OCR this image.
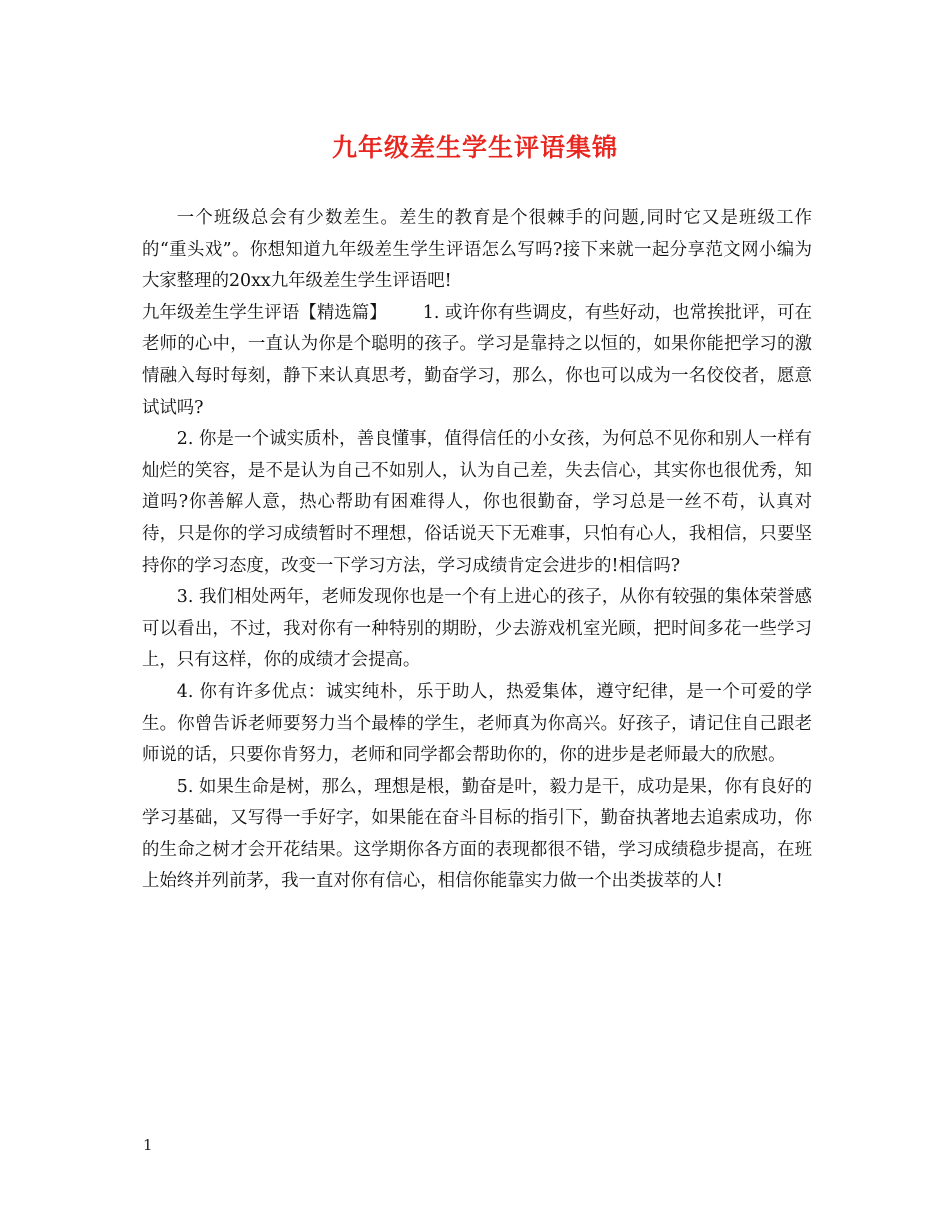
九年级差生学生评语集锦

一个班级总会有少数差生。差生的教育是个很棘手的问题,同时它又是班级工作的“重头戏”。你想知道九年级差生学生评语怎么写吗?接下来就一起分享范文网小编为大家整理的20xx九年级差生学生评语吧!

九年级差生学生评语【精选篇】 1. 或许你有些调皮，有些好动，也常挨批评，可在老师的心中，一直认为你是个聪明的孩子。学习是靠持之以恒的，如果你能把学习的激情融入每时每刻，静下来认真思考，勤奋学习，那么，你也可以成为一名佼佼者，愿意试试吗?

2. 你是一个诚实质朴，善良懂事，值得信任的小女孩，为何总不见你和别人一样有灿烂的笑容，是不是认为自己不如别人，认为自己差，失去信心，其实你也很优秀，知道吗?你善解人意，热心帮助有困难得人，你也很勤奋，学习总是一丝不苟，认真对待，只是你的学习成绩暂时不理想，俗话说天下无难事，只怕有心人，我相信，只要坚持你的学习态度，改变一下学习方法，学习成绩肯定会进步的!相信吗?

3. 我们相处两年，老师发现你也是一个有上进心的孩子，从你有较强的集体荣誉感可以看出，不过，我对你有一种特别的期盼，少去游戏机室光顾，把时间多花一些学习上，只有这样，你的成绩才会提高。

4. 你有许多优点：诚实纯朴，乐于助人，热爱集体，遵守纪律，是一个可爱的学生。你曾告诉老师要努力当个最棒的学生，老师真为你高兴。好孩子，请记住自己跟老师说的话，只要你肯努力，老师和同学都会帮助你的，你的进步是老师最大的欣慰。

5. 如果生命是树，那么，理想是根，勤奋是叶，毅力是干，成功是果，你有良好的学习基础，又写得一手好字，如果能在奋斗目标的指引下，勤奋执著地去追索成功，你的生命之树才会开花结果。这学期你各方面的表现都很不错，学习成绩稳步提高，在班上始终并列前茅，我一直对你有信心，相信你能靠实力做一个出类拔萃的人!

1
